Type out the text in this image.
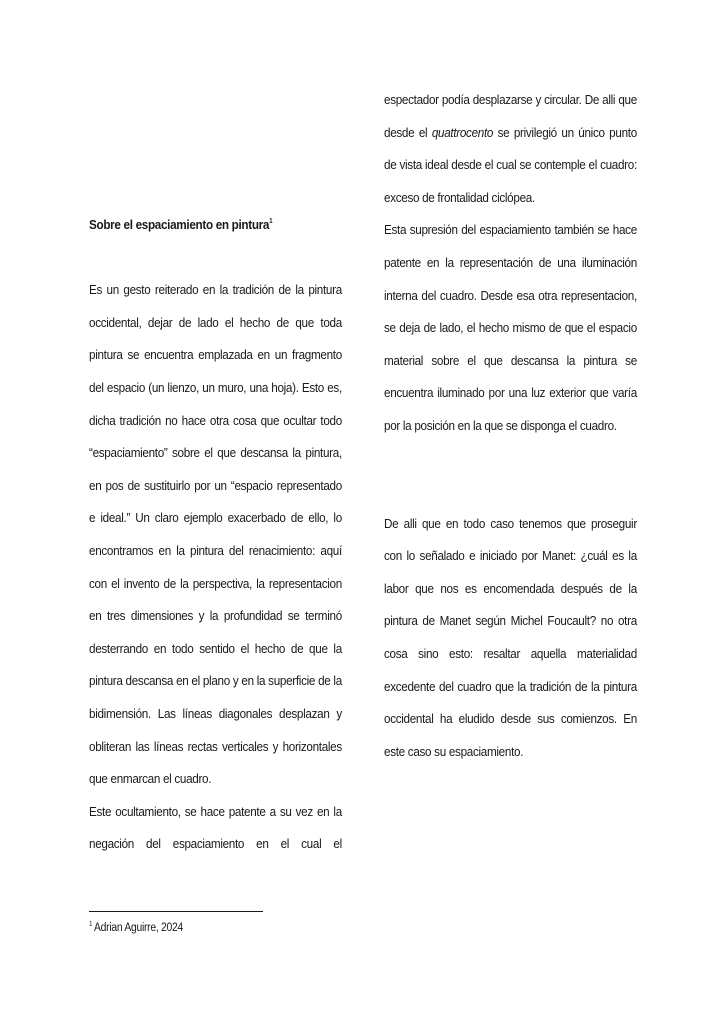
Sobre el espaciamiento en pintura$^1$

Es un gesto reiterado en la tradición de la pintura occidental, dejar de lado el hecho de que toda pintura se encuentra emplazada en un fragmento del espacio (un lienzo, un muro, una hoja). Esto es, dicha tradición no hace otra cosa que ocultar todo “espaciamiento” sobre el que descansa la pintura, en pos de sustituirlo por un “espacio representado e ideal.” Un claro ejemplo exacerbado de ello, lo encontramos en la pintura del renacimiento: aquí con el invento de la perspectiva, la representacion en tres dimensiones y la profundidad se terminó desterrando en todo sentido el hecho de que la pintura descansa en el plano y en la superficie de la bidimensión. Las líneas diagonales desplazan y obliteran las líneas rectas verticales y horizontales que enmarcan el cuadro.

Este ocultamiento, se hace patente a su vez en la negación del espaciamiento en el cual el

espectador podía desplazarse y circular. De alli que desde el quattrocento se privilegió un único punto de vista ideal desde el cual se contemple el cuadro: exceso de frontalidad ciclópea.

Esta supresión del espaciamiento también se hace patente en la representación de una iluminación interna del cuadro. Desde esa otra representacion, se deja de lado, el hecho mismo de que el espacio material sobre el que descansa la pintura se encuentra iluminado por una luz exterior que varía por la posición en la que se disponga el cuadro.

De alli que en todo caso tenemos que proseguir con lo señalado e iniciado por Manet: ¿cuál es la labor que nos es encomendada después de la pintura de Manet según Michel Foucault? no otra cosa sino esto: resaltar aquella materialidad excedente del cuadro que la tradición de la pintura occidental ha eludido desde sus comienzos. En este caso su espaciamiento.

$^1$ Adrian Aguirre, 2024
